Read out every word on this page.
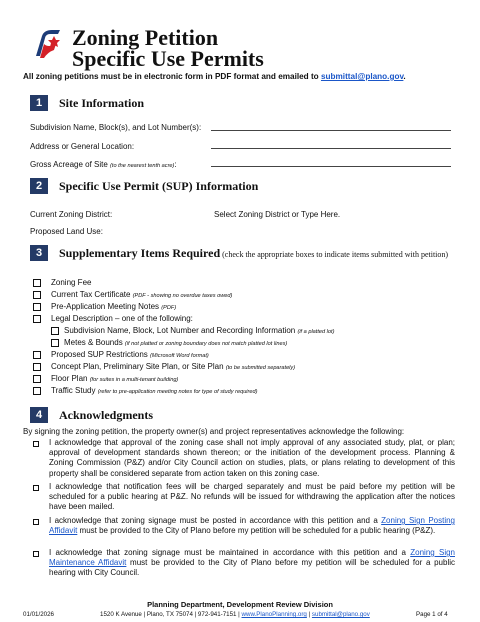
Zoning Petition
Specific Use Permits
All zoning petitions must be in electronic form in PDF format and emailed to submittal@plano.gov.
1	Site Information
Subdivision Name, Block(s), and Lot Number(s):
Address or General Location:
Gross Acreage of Site (to the nearest tenth acre):
2	Specific Use Permit (SUP) Information
Current Zoning District:	Select Zoning District or Type Here.
Proposed Land Use:
3	Supplementary Items Required (check the appropriate boxes to indicate items submitted with petition)
Zoning Fee
Current Tax Certificate (PDF - showing no overdue taxes owed)
Pre-Application Meeting Notes (PDF)
Legal Description – one of the following:
Subdivision Name, Block, Lot Number and Recording Information (if a platted lot)
Metes & Bounds (if not platted or zoning boundary does not match platted lot lines)
Proposed SUP Restrictions (Microsoft Word format)
Concept Plan, Preliminary Site Plan, or Site Plan (to be submitted separately)
Floor Plan (for suites in a multi-tenant building)
Traffic Study (refer to pre-application meeting notes for type of study required)
4	Acknowledgments
By signing the zoning petition, the property owner(s) and project representatives acknowledge the following:
I acknowledge that approval of the zoning case shall not imply approval of any associated study, plat, or plan; approval of development standards shown thereon; or the initiation of the development process. Planning & Zoning Commission (P&Z) and/or City Council action on studies, plats, or plans relating to development of this property shall be considered separate from action taken on this zoning case.
I acknowledge that notification fees will be charged separately and must be paid before my petition will be scheduled for a public hearing at P&Z. No refunds will be issued for withdrawing the application after the notices have been mailed.
I acknowledge that zoning signage must be posted in accordance with this petition and a Zoning Sign Posting Affidavit must be provided to the City of Plano before my petition will be scheduled for a public hearing (P&Z).
I acknowledge that zoning signage must be maintained in accordance with this petition and a Zoning Sign Maintenance Affidavit must be provided to the City of Plano before my petition will be scheduled for a public hearing with City Council.
Planning Department, Development Review Division
01/01/2026	1520 K Avenue | Plano, TX 75074 | 972-941-7151 | www.PlanoPlanning.org | submittal@plano.gov	Page 1 of 4
